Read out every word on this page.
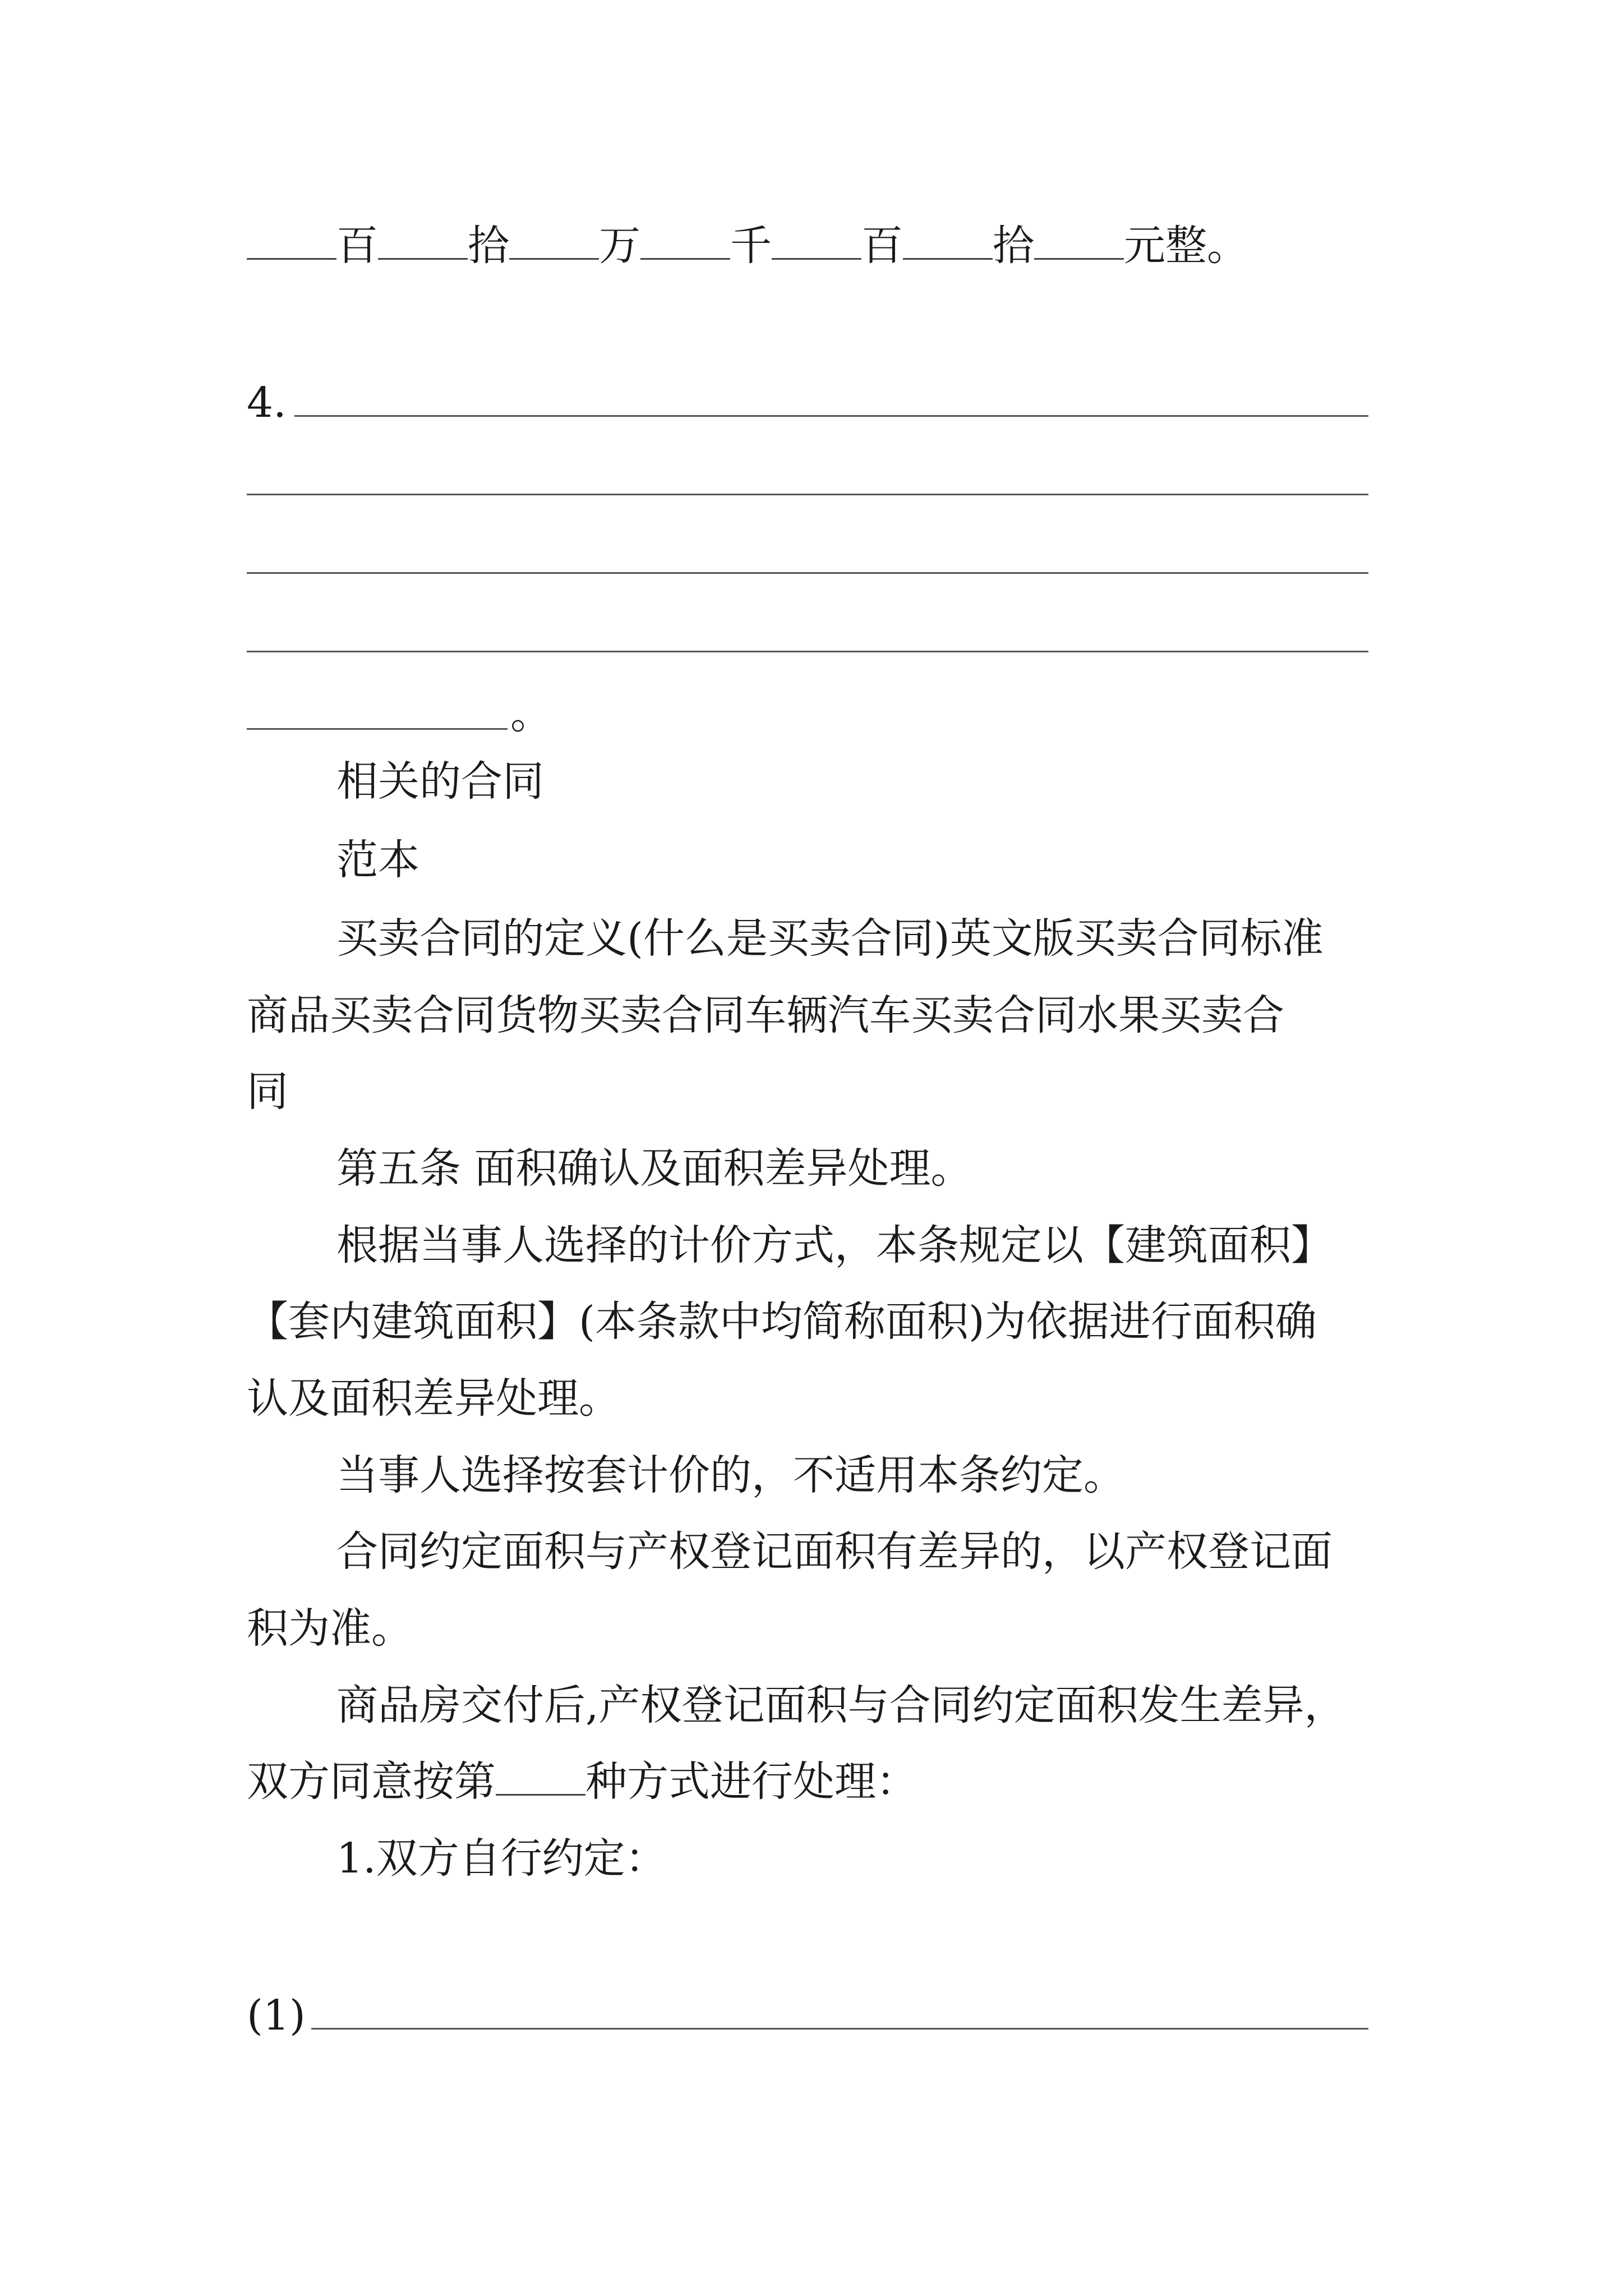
百 拾 万 千 百 拾 元整。
4.
。
相关的合同
范本
买卖合同的定义(什么是买卖合同)英文版买卖合同标准
商品买卖合同货物买卖合同车辆汽车买卖合同水果买卖合
同
第五条 面积确认及面积差异处理。
根据当事人选择的计价方式，本条规定以【建筑面积】
【套内建筑面积】(本条款中均简称面积)为依据进行面积确
认及面积差异处理。
当事人选择按套计价的，不适用本条约定。
合同约定面积与产权登记面积有差异的，以产权登记面
积为准。
商品房交付后,产权登记面积与合同约定面积发生差异，
双方同意按第 种方式进行处理：
1.双方自行约定：
(1)
